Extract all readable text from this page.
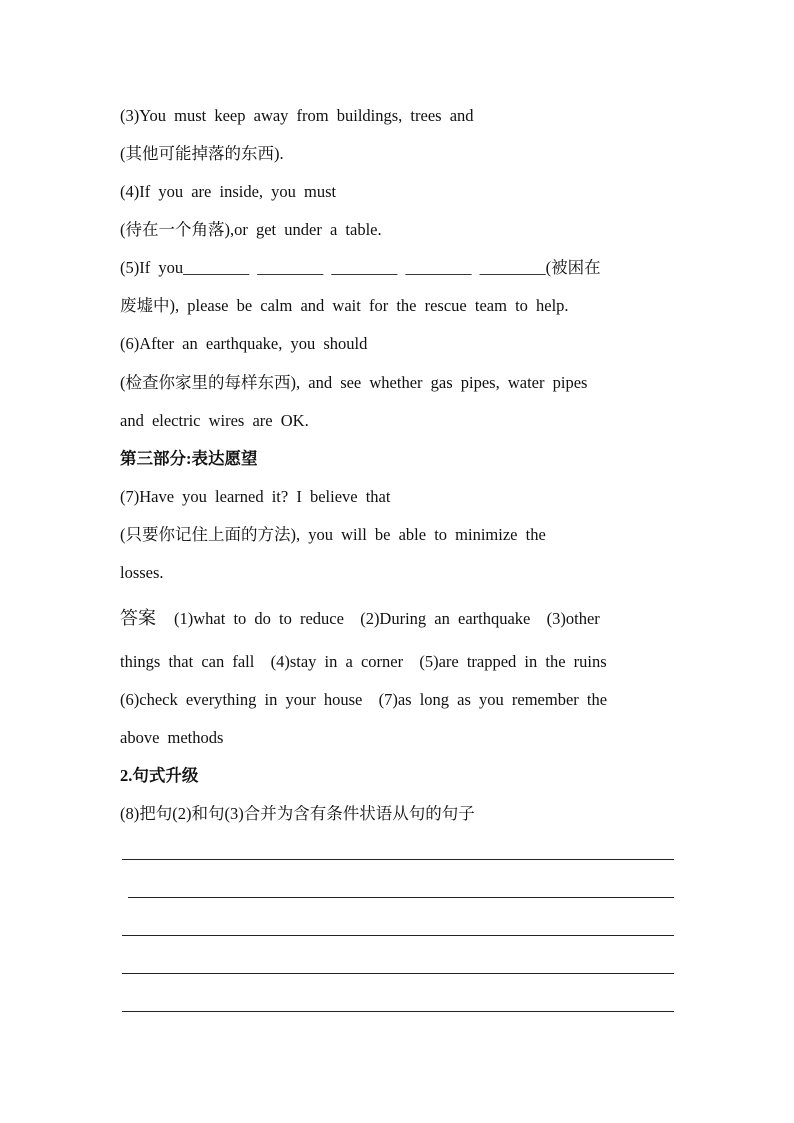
(3)You must keep away from buildings, trees and

(其他可能掉落的东西).

(4)If you are inside, you must

(待在一个角落),or get under a table.

(5)If you________ ________ ________ ________ ________(被困在

废墟中), please be calm and wait for the rescue team to help.

(6)After an earthquake, you should

(检查你家里的每样东西), and see whether gas pipes, water pipes

and electric wires are OK.

第三部分:表达愿望

(7)Have you learned it? I believe that

(只要你记住上面的方法), you will be able to minimize the

losses.

答案 (1)what to do to reduce  (2)During an earthquake  (3)other

things that can fall  (4)stay in a corner  (5)are trapped in the ruins

(6)check everything in your house  (7)as long as you remember the

above methods

2.句式升级

(8)把句(2)和句(3)合并为含有条件状语从句的句子
